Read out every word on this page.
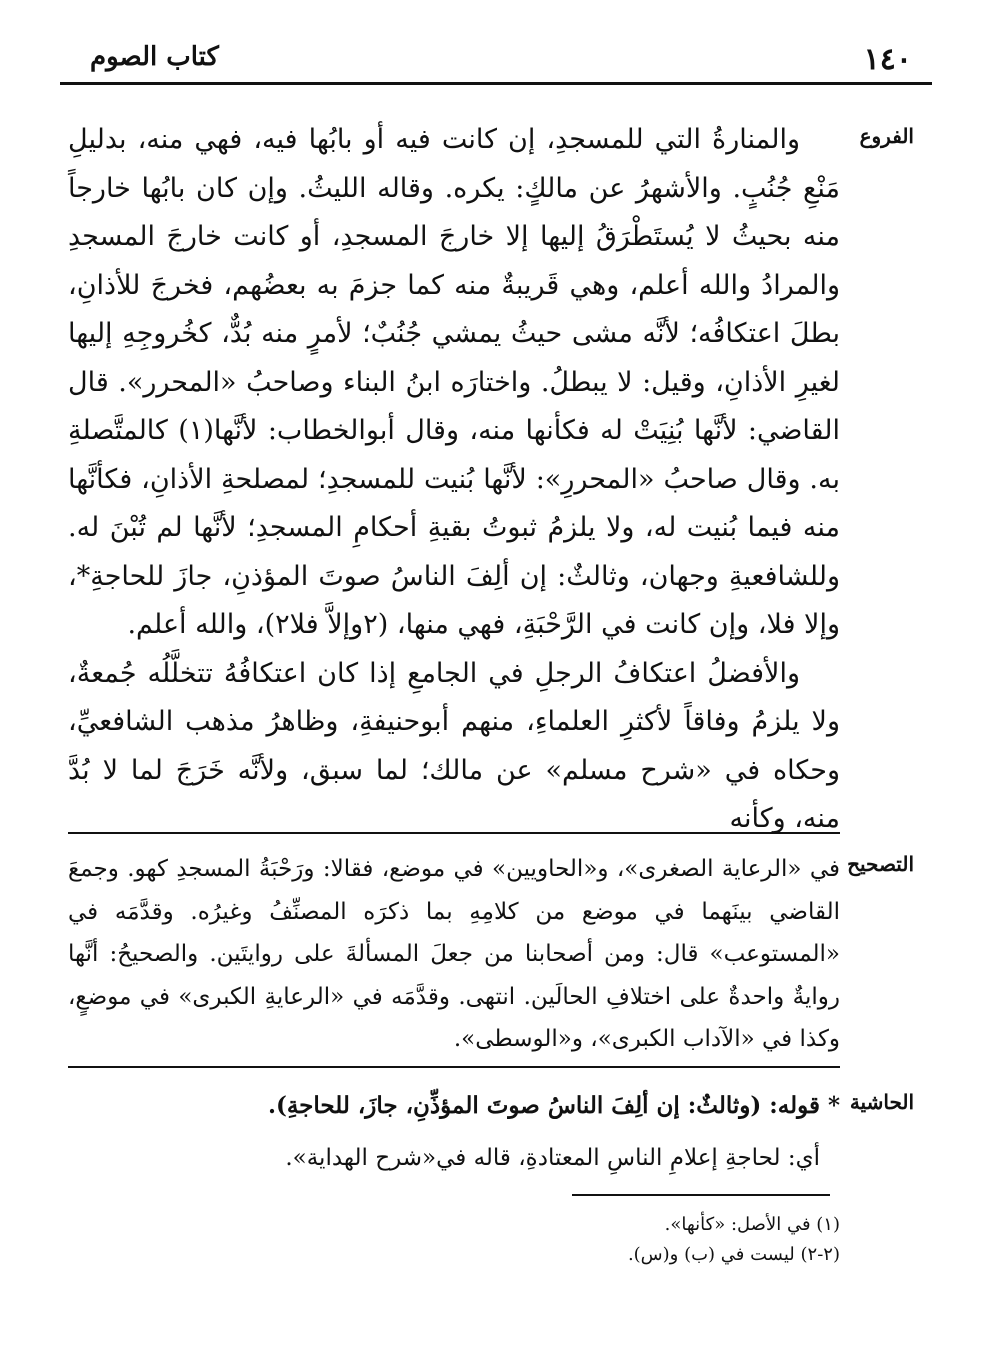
كتاب الصوم	١٤٠
الفروع

والمنارةُ التي للمسجدِ، إن كانت فيه أو بابُها فيه، فهي منه، بدليلِ مَنْعِ جُنُبٍ. والأشهرُ عن مالكٍ: يكره. وقاله الليثُ. وإن كان بابُها خارجاً منه بحيثُ لا يُستَطْرَقُ إليها إلا خارجَ المسجدِ، أو كانت خارجَ المسجدِ والمرادُ والله أعلم، وهي قَريبةٌ منه كما جزمَ به بعضُهم، فخرجَ للأذانِ، بطلَ اعتكافُه؛ لأنَّه مشى حيثُ يمشي جُنُبٌ؛ لأمرٍ منه بُدٌّ، كخُروجِهِ إليها لغيرِ الأذانِ، وقيل: لا يبطلُ. واختارَه ابنُ البناء وصاحبُ «المحرر». قال القاضي: لأنَّها بُنِيَتْ له فكأنها منه، وقال أبوالخطاب: لأنَّها(١) كالمتَّصلةِ به. وقال صاحبُ «المحررِ»: لأنَّها بُنيت للمسجدِ؛ لمصلحةِ الأذانِ، فكأنَّها منه فيما بُنيت له، ولا يلزمُ ثبوتُ بقيةِ أحكامِ المسجدِ؛ لأنَّها لم تُبْنَ له. وللشافعيةِ وجهان، وثالثٌ: إن ألِفَ الناسُ صوتَ المؤذنِ، جازَ للحاجةِ*، وإلا فلا، وإن كانت في الرَّحْبَةِ، فهي منها، (٢وإلاَّ فلا٢)، والله أعلم.

والأفضلُ اعتكافُ الرجلِ في الجامعِ إذا كان اعتكافُهُ تتخلَّلُه جُمعةٌ، ولا يلزمُ وفاقاً لأكثرِ العلماءِ، منهم أبوحنيفةِ، وظاهرُ مذهب الشافعيِّ، وحكاه في «شرح مسلم» عن مالك؛ لما سبق، ولأنَّه خَرَجَ لما لا بُدَّ منه، وكأنه

التصحيح
في «الرعاية الصغرى»، و«الحاويين» في موضع، فقالا: ورَحْبَةُ المسجدِ كهو. وجمعَ القاضي بينَهما في موضع من كلامِهِ بما ذكرَه المصنِّفُ وغيرُه. وقدَّمَه في «المستوعب» قال: ومن أصحابنا من جعلَ المسألةَ على روايتَين. والصحيحُ: أنَّها روايةٌ واحدةٌ على اختلافِ الحالَين. انتهى. وقدَّمَه في «الرعايةِ الكبرى» في موضعٍ، وكذا في «الآداب الكبرى»، و«الوسطى».
الحاشية

* قوله: (وثالثٌ: إن ألِفَ الناسُ صوتَ المؤذِّنِ، جازَ، للحاجةِ).

أي: لحاجةِ إعلامِ الناسِ المعتادةِ، قاله في«شرح الهداية».

(١) في الأصل: «كأنها».

(٢-٢) ليست في (ب) و(س).
